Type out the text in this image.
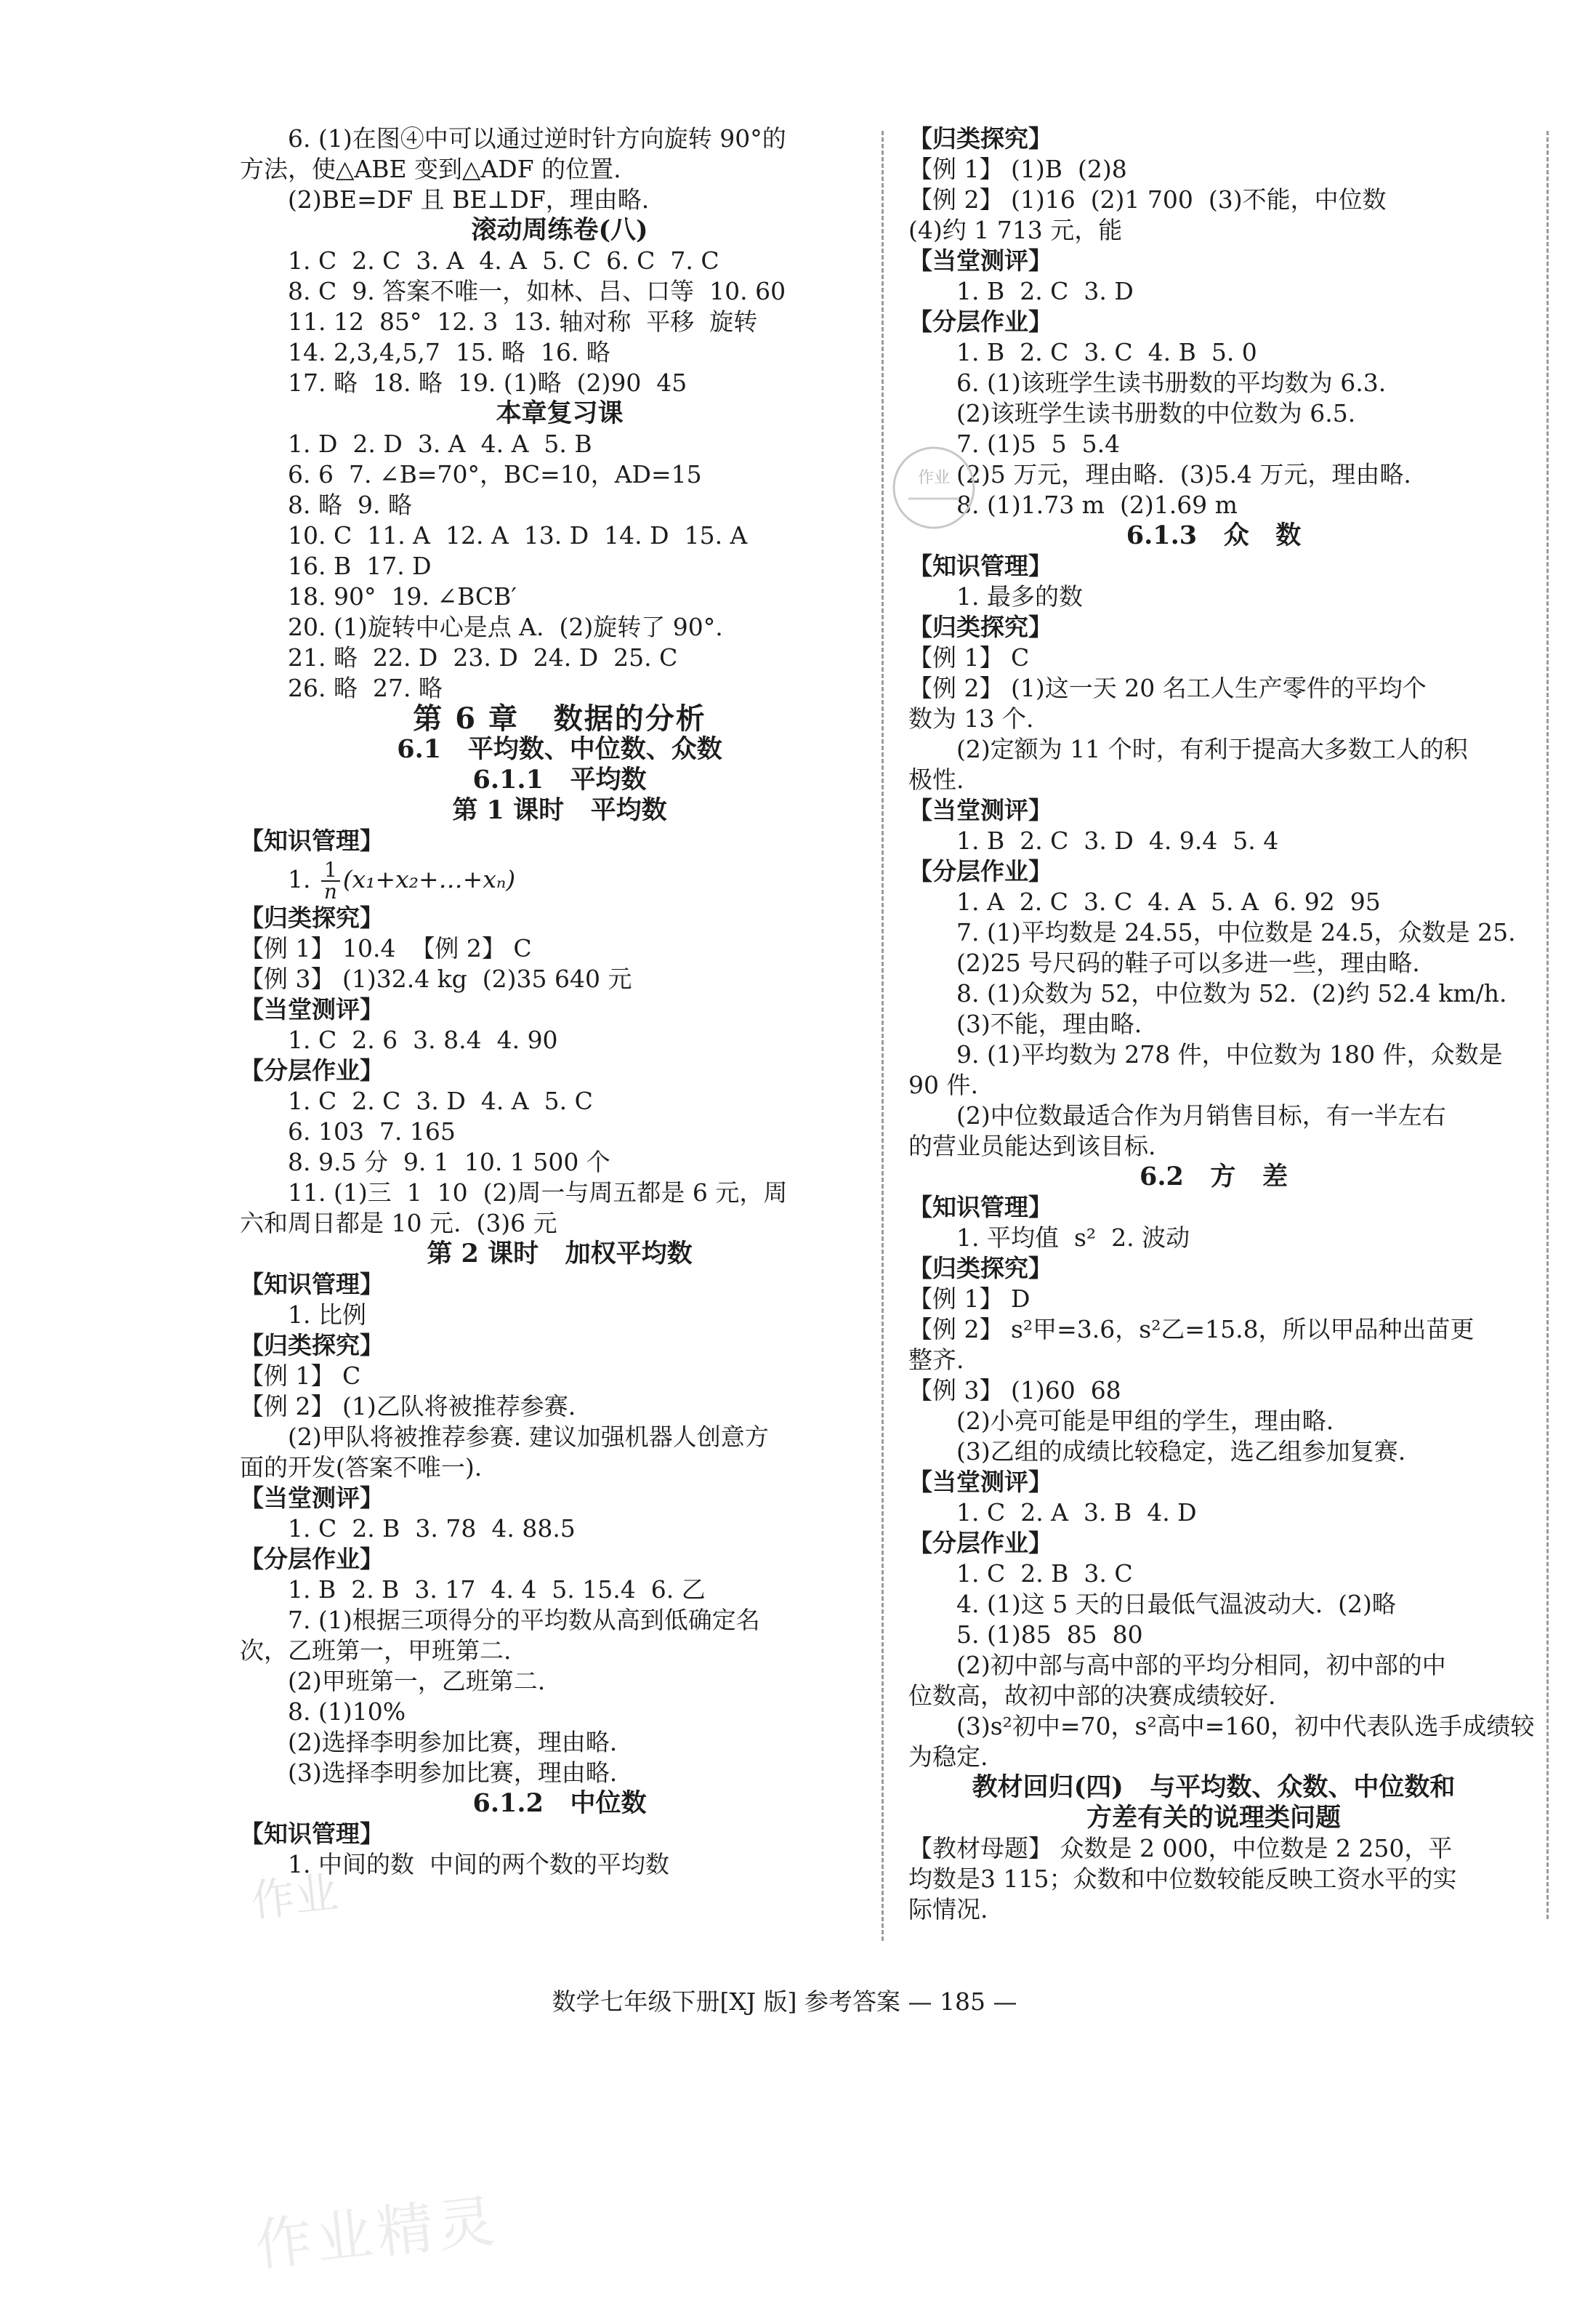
6. (1)在图④中可以通过逆时针方向旋转 90°的
方法，使△ABE 变到△ADF 的位置.
(2)BE=DF 且 BE⊥DF，理由略.
滚动周练卷(八)
1. C  2. C  3. A  4. A  5. C  6. C  7. C
8. C  9. 答案不唯一，如林、吕、口等  10. 60
11. 12  85°  12. 3  13. 轴对称  平移  旋转
14. 2,3,4,5,7  15. 略  16. 略
17. 略  18. 略  19. (1)略  (2)90  45
本章复习课
1. D  2. D  3. A  4. A  5. B
6. 6  7. ∠B=70°，BC=10，AD=15
8. 略  9. 略
10. C  11. A  12. A  13. D  14. D  15. A
16. B  17. D
18. 90°  19. ∠BCB′
20. (1)旋转中心是点 A.  (2)旋转了 90°.
21. 略  22. D  23. D  24. D  25. C
26. 略  27. 略
第 6 章   数据的分析
6.1   平均数、中位数、众数
6.1.1   平均数
第 1 课时   平均数
【知识管理】
1. $\frac{1}{n}$ (x₁+x₂+…+xₙ)
【归类探究】
【例 1】 10.4  【例 2】 C
【例 3】 (1)32.4 kg  (2)35 640 元
【当堂测评】
1. C  2. 6  3. 8.4  4. 90
【分层作业】
1. C  2. C  3. D  4. A  5. C
6. 103  7. 165
8. 9.5 分  9. 1  10. 1 500 个
11. (1)三  1  10  (2)周一与周五都是 6 元，周
六和周日都是 10 元.  (3)6 元
第 2 课时   加权平均数
【知识管理】
1. 比例
【归类探究】
【例 1】 C
【例 2】 (1)乙队将被推荐参赛.
(2)甲队将被推荐参赛. 建议加强机器人创意方
面的开发(答案不唯一).
【当堂测评】
1. C  2. B  3. 78  4. 88.5
【分层作业】
1. B  2. B  3. 17  4. 4  5. 15.4  6. 乙
7. (1)根据三项得分的平均数从高到低确定名
次，乙班第一，甲班第二.
(2)甲班第一，乙班第二.
8. (1)10%
(2)选择李明参加比赛，理由略.
(3)选择李明参加比赛，理由略.
6.1.2   中位数
【知识管理】
1. 中间的数  中间的两个数的平均数
【归类探究】
【例 1】 (1)B  (2)8
【例 2】 (1)16  (2)1 700  (3)不能，中位数
(4)约 1 713 元，能
【当堂测评】
1. B  2. C  3. D
【分层作业】
1. B  2. C  3. C  4. B  5. 0
6. (1)该班学生读书册数的平均数为 6.3.
(2)该班学生读书册数的中位数为 6.5.
7. (1)5  5  5.4
(2)5 万元，理由略.  (3)5.4 万元，理由略.
8. (1)1.73 m  (2)1.69 m
6.1.3   众   数
【知识管理】
1. 最多的数
【归类探究】
【例 1】 C
【例 2】 (1)这一天 20 名工人生产零件的平均个
数为 13 个.
(2)定额为 11 个时，有利于提高大多数工人的积
极性.
【当堂测评】
1. B  2. C  3. D  4. 9.4  5. 4
【分层作业】
1. A  2. C  3. C  4. A  5. A  6. 92  95
7. (1)平均数是 24.55，中位数是 24.5，众数是 25.
(2)25 号尺码的鞋子可以多进一些，理由略.
8. (1)众数为 52，中位数为 52.  (2)约 52.4 km/h.
(3)不能，理由略.
9. (1)平均数为 278 件，中位数为 180 件，众数是
90 件.
(2)中位数最适合作为月销售目标，有一半左右
的营业员能达到该目标.
6.2   方   差
【知识管理】
1. 平均值  s²  2. 波动
【归类探究】
【例 1】 D
【例 2】 s²甲=3.6，s²乙=15.8，所以甲品种出苗更
整齐.
【例 3】 (1)60  68
(2)小亮可能是甲组的学生，理由略.
(3)乙组的成绩比较稳定，选乙组参加复赛.
【当堂测评】
1. C  2. A  3. B  4. D
【分层作业】
1. C  2. B  3. C
4. (1)这 5 天的日最低气温波动大.  (2)略
5. (1)85  85  80
(2)初中部与高中部的平均分相同，初中部的中
位数高，故初中部的决赛成绩较好.
(3)s²初中=70，s²高中=160，初中代表队选手成绩较
为稳定.
教材回归(四)   与平均数、众数、中位数和
方差有关的说理类问题
【教材母题】 众数是 2 000，中位数是 2 250，平
均数是3 115；众数和中位数较能反映工资水平的实
际情况.
作业
作业
作业精灵
数学七年级下册[XJ 版] 参考答案 — 185 —
